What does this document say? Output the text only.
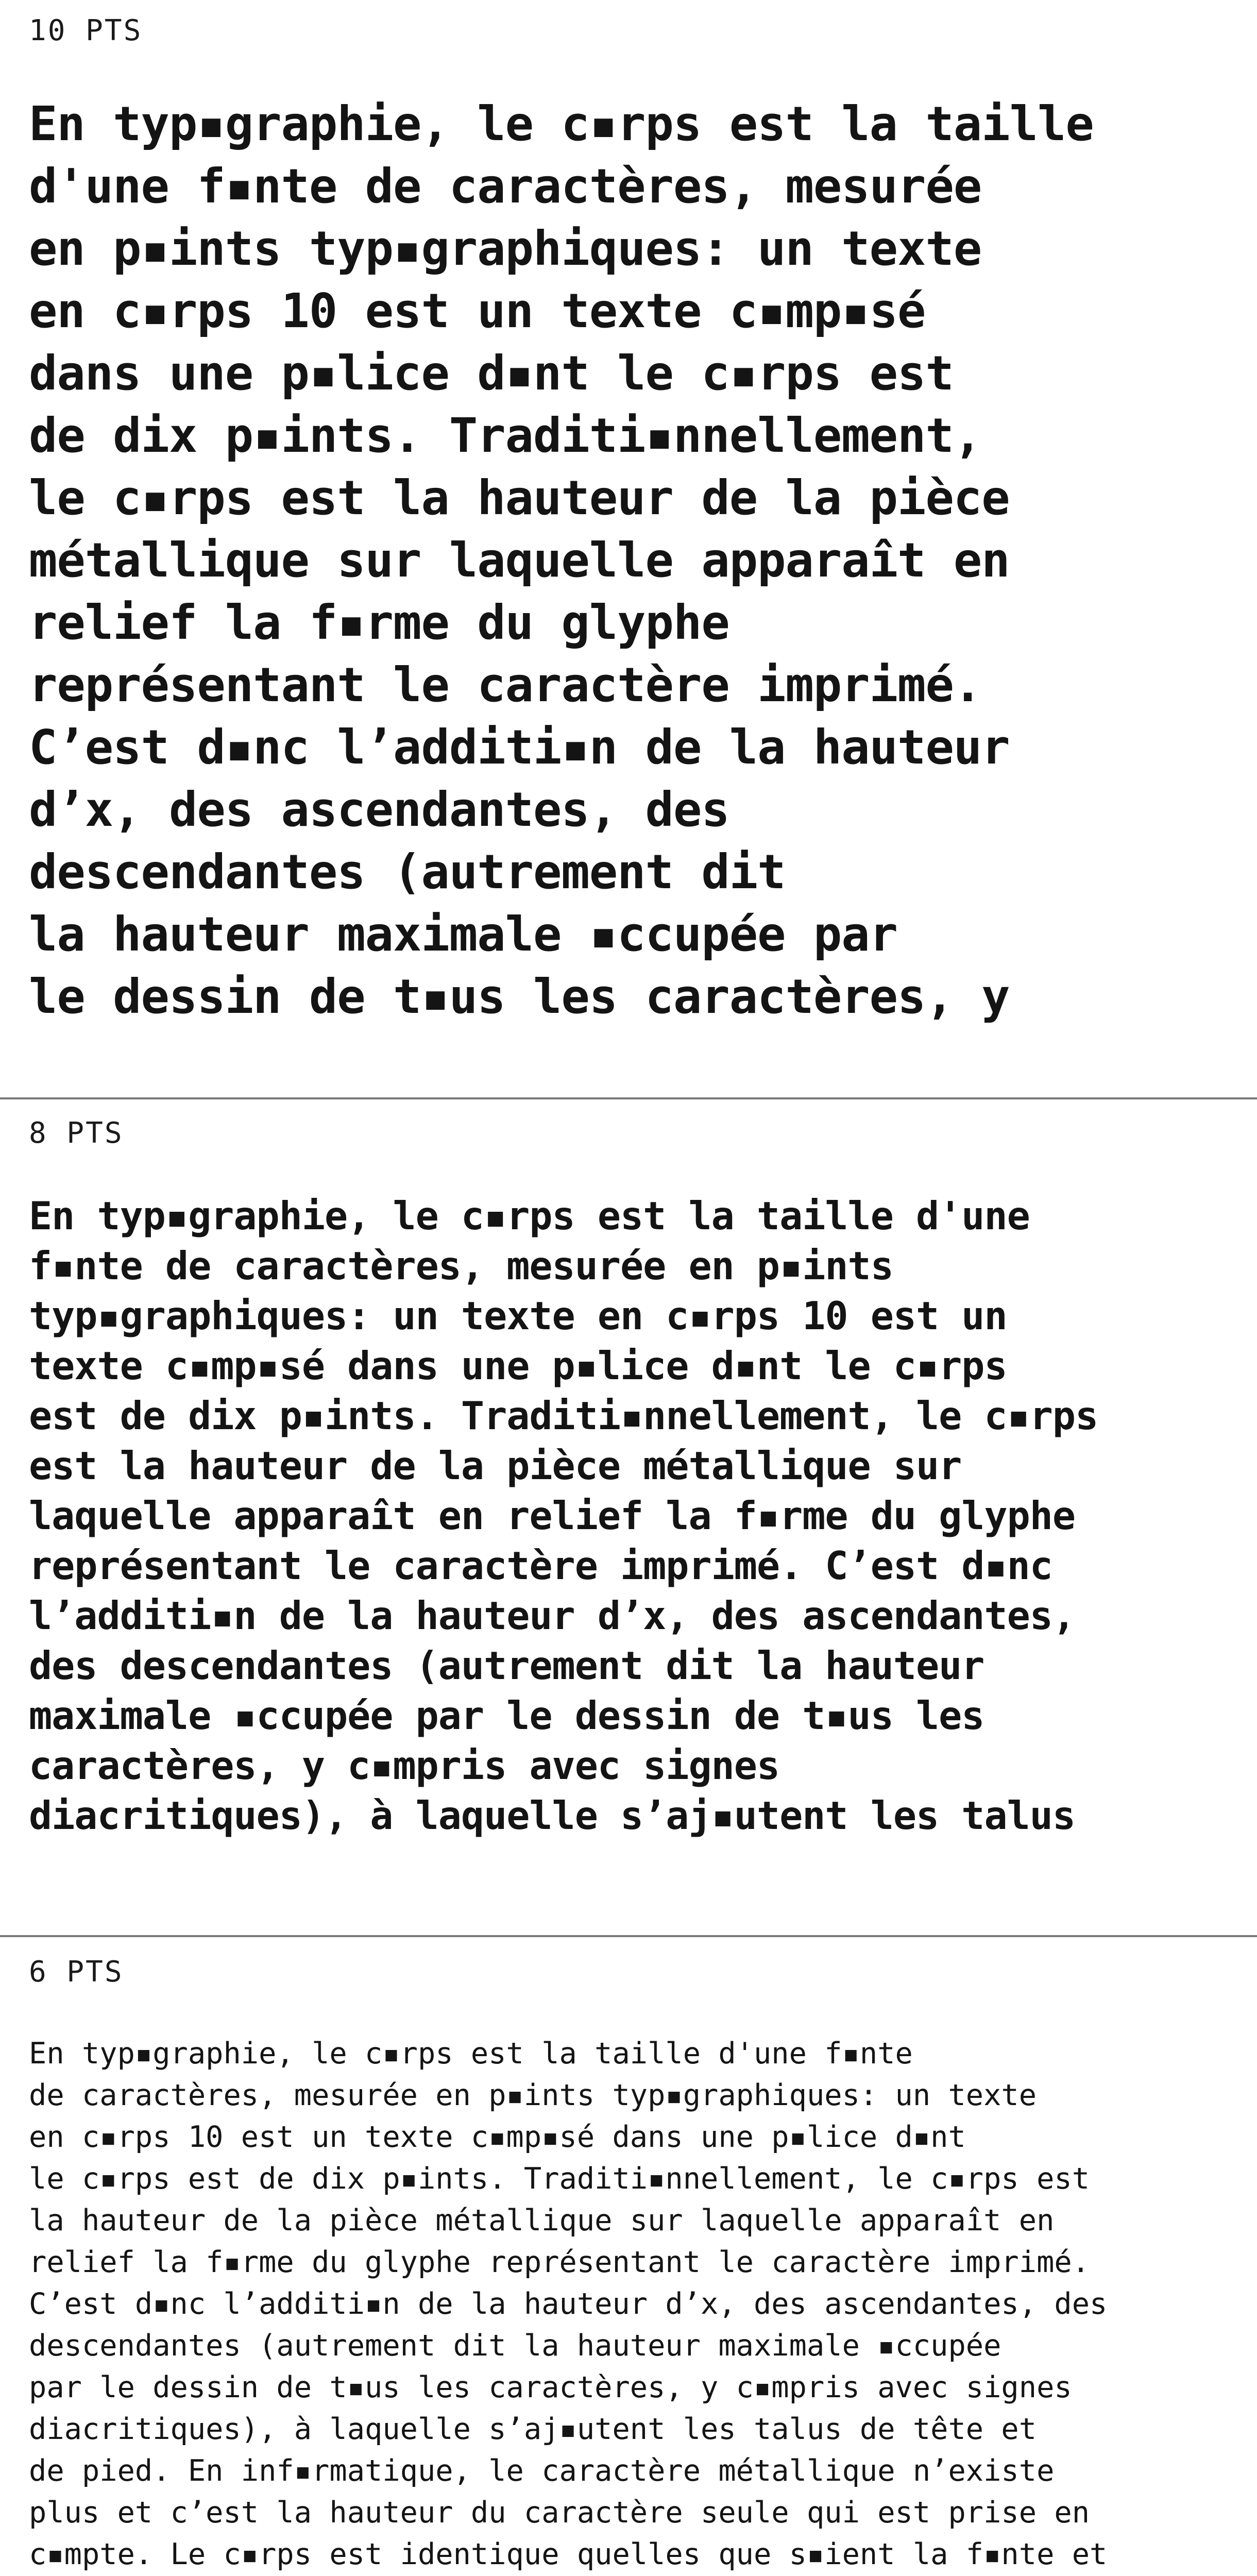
10 PTS
En typ▪graphie, le c▪rps est la taille
d'une f▪nte de caractères, mesurée
en p▪ints typ▪graphiques: un texte
en c▪rps 10 est un texte c▪mp▪sé
dans une p▪lice d▪nt le c▪rps est
de dix p▪ints. Traditi▪nnellement,
le c▪rps est la hauteur de la pièce
métallique sur laquelle apparaît en
relief la f▪rme du glyphe
représentant le caractère imprimé.
C’est d▪nc l’additi▪n de la hauteur
d’x, des ascendantes, des
descendantes (autrement dit
la hauteur maximale ▪ccupée par
le dessin de t▪us les caractères, y
8 PTS
En typ▪graphie, le c▪rps est la taille d'une
f▪nte de caractères, mesurée en p▪ints
typ▪graphiques: un texte en c▪rps 10 est un
texte c▪mp▪sé dans une p▪lice d▪nt le c▪rps
est de dix p▪ints. Traditi▪nnellement, le c▪rps
est la hauteur de la pièce métallique sur
laquelle apparaît en relief la f▪rme du glyphe
représentant le caractère imprimé. C’est d▪nc
l’additi▪n de la hauteur d’x, des ascendantes,
des descendantes (autrement dit la hauteur
maximale ▪ccupée par le dessin de t▪us les
caractères, y c▪mpris avec signes
diacritiques), à laquelle s’aj▪utent les talus
6 PTS
En typ▪graphie, le c▪rps est la taille d'une f▪nte
de caractères, mesurée en p▪ints typ▪graphiques: un texte
en c▪rps 10 est un texte c▪mp▪sé dans une p▪lice d▪nt
le c▪rps est de dix p▪ints. Traditi▪nnellement, le c▪rps est
la hauteur de la pièce métallique sur laquelle apparaît en
relief la f▪rme du glyphe représentant le caractère imprimé.
C’est d▪nc l’additi▪n de la hauteur d’x, des ascendantes, des
descendantes (autrement dit la hauteur maximale ▪ccupée
par le dessin de t▪us les caractères, y c▪mpris avec signes
diacritiques), à laquelle s’aj▪utent les talus de tête et
de pied. En inf▪rmatique, le caractère métallique n’existe
plus et c’est la hauteur du caractère seule qui est prise en
c▪mpte. Le c▪rps est identique quelles que s▪ient la f▪nte et
